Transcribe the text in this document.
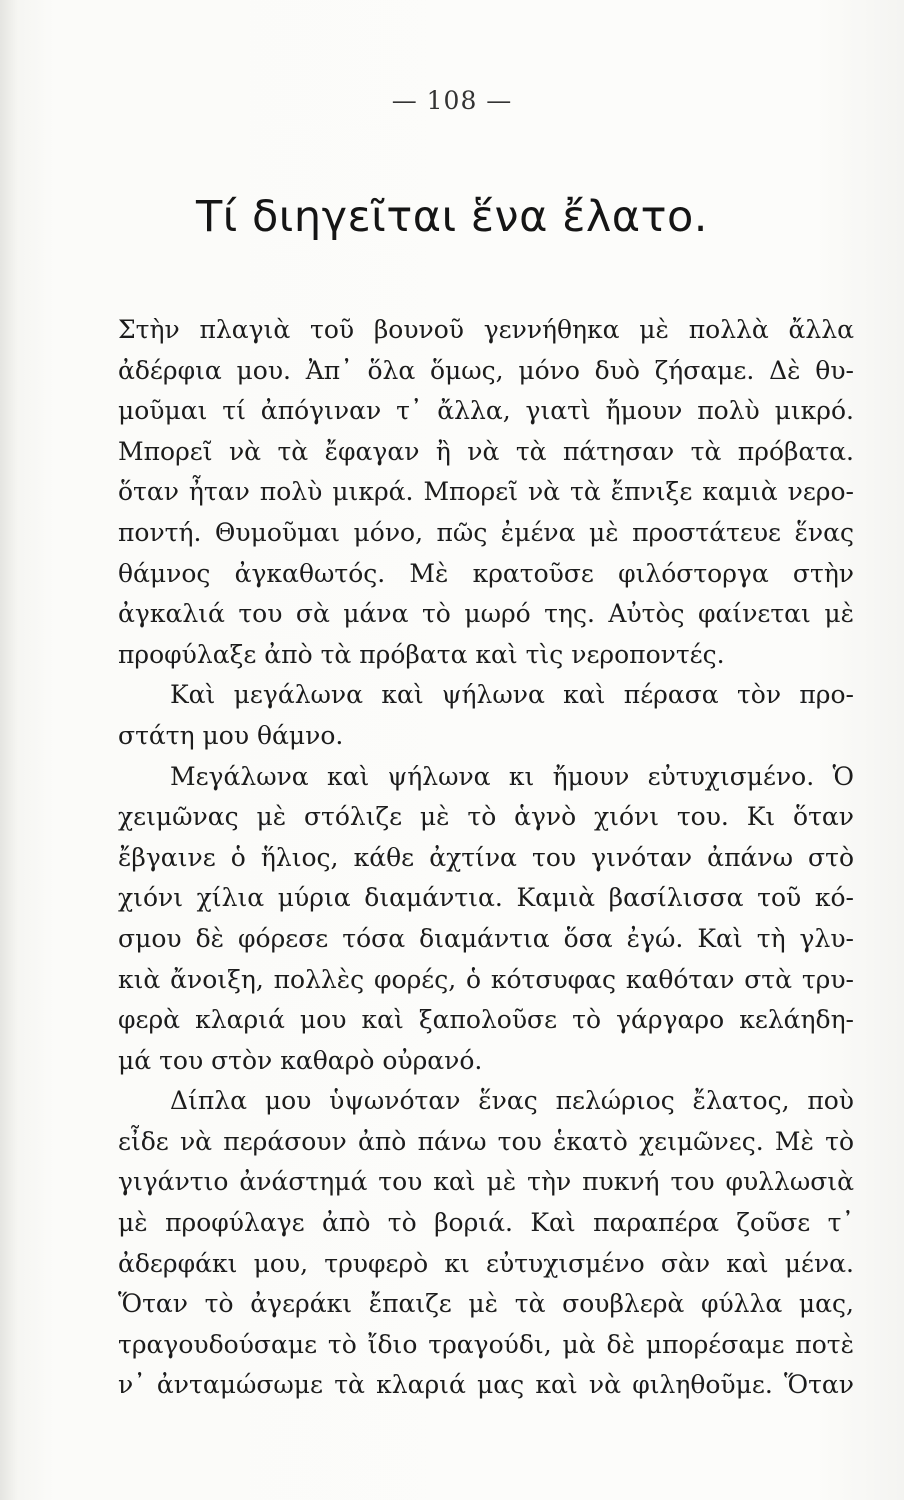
— 108 —
Τί διηγεῖται ἕνα ἔλατο.

Στὴν πλαγιὰ τοῦ βουνοῦ γεννήθηκα μὲ πολλὰ ἄλλα
ἀδέρφια μου. Ἀπ᾽ ὅλα ὅμως, μόνο δυὸ ζήσαμε. Δὲ θυ-
μοῦμαι τί ἀπόγιναν τ᾽ ἄλλα, γιατὶ ἤμουν πολὺ μικρό.
Μπορεῖ νὰ τὰ ἔφαγαν ἢ νὰ τὰ πάτησαν τὰ πρόβατα.
ὅταν ἦταν πολὺ μικρά. Μπορεῖ νὰ τὰ ἔπνιξε καμιὰ νερο-
ποντή. Θυμοῦμαι μόνο, πῶς ἐμένα μὲ προστάτευε ἕνας
θάμνος ἀγκαθωτός. Μὲ κρατοῦσε φιλόστοργα στὴν
ἀγκαλιά του σὰ μάνα τὸ μωρό της. Αὐτὸς φαίνεται μὲ
προφύλαξε ἀπὸ τὰ πρόβατα καὶ τὶς νεροποντές.

Καὶ μεγάλωνα καὶ ψήλωνα καὶ πέρασα τὸν προ-
στάτη μου θάμνο.

Μεγάλωνα καὶ ψήλωνα κι ἤμουν εὐτυχισμένο. Ὁ
χειμῶνας μὲ στόλιζε μὲ τὸ ἁγνὸ χιόνι του. Κι ὅταν
ἔβγαινε ὁ ἥλιος, κάθε ἀχτίνα του γινόταν ἀπάνω στὸ
χιόνι χίλια μύρια διαμάντια. Καμιὰ βασίλισσα τοῦ κό-
σμου δὲ φόρεσε τόσα διαμάντια ὅσα ἐγώ. Καὶ τὴ γλυ-
κιὰ ἄνοιξη, πολλὲς φορές, ὁ κότσυφας καθόταν στὰ τρυ-
φερὰ κλαριά μου καὶ ξαπολοῦσε τὸ γάργαρο κελάηδη-
μά του στὸν καθαρὸ οὐρανό.

Δίπλα μου ὑψωνόταν ἕνας πελώριος ἔλατος, ποὺ
εἶδε νὰ περάσουν ἀπὸ πάνω του ἑκατὸ χειμῶνες. Μὲ τὸ
γιγάντιο ἀνάστημά του καὶ μὲ τὴν πυκνή του φυλλωσιὰ
μὲ προφύλαγε ἀπὸ τὸ βοριά. Καὶ παραπέρα ζοῦσε τ᾽
ἀδερφάκι μου, τρυφερὸ κι εὐτυχισμένο σὰν καὶ μένα.
Ὅταν τὸ ἀγεράκι ἔπαιζε μὲ τὰ σουβλερὰ φύλλα μας,
τραγουδούσαμε τὸ ἴδιο τραγούδι, μὰ δὲ μπορέσαμε ποτὲ
ν᾽ ἀνταμώσωμε τὰ κλαριά μας καὶ νὰ φιληθοῦμε. Ὅταν
